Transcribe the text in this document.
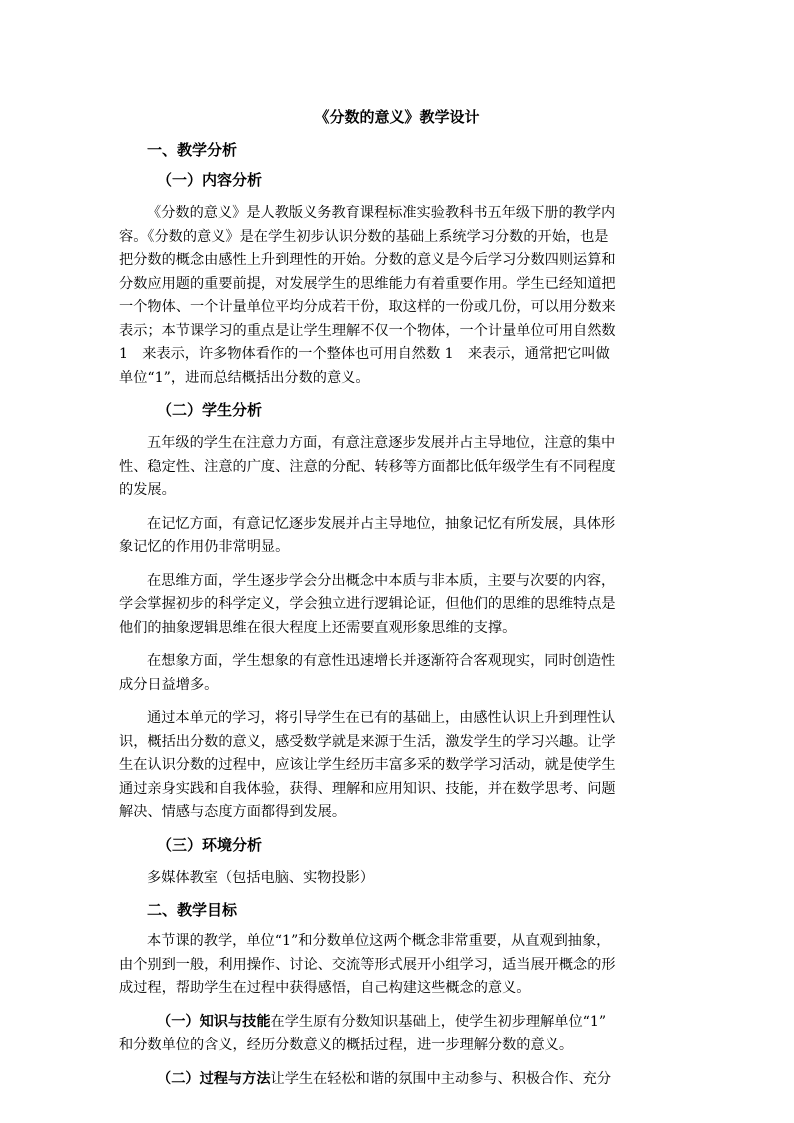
《分数的意义》教学设计
一、教学分析
（一）内容分析
《分数的意义》是人教版义务教育课程标准实验教科书五年级下册的教学内
容。《分数的意义》是在学生初步认识分数的基础上系统学习分数的开始，也是
把分数的概念由感性上升到理性的开始。分数的意义是今后学习分数四则运算和
分数应用题的重要前提，对发展学生的思维能力有着重要作用。学生已经知道把
一个物体、一个计量单位平均分成若干份，取这样的一份或几份，可以用分数来
表示；本节课学习的重点是让学生理解不仅一个物体，一个计量单位可用自然数
1　来表示，许多物体看作的一个整体也可用自然数 1　来表示，通常把它叫做
单位“1”，进而总结概括出分数的意义。
（二）学生分析
五年级的学生在注意力方面，有意注意逐步发展并占主导地位，注意的集中
性、稳定性、注意的广度、注意的分配、转移等方面都比低年级学生有不同程度
的发展。
在记忆方面，有意记忆逐步发展并占主导地位，抽象记忆有所发展，具体形
象记忆的作用仍非常明显。
在思维方面，学生逐步学会分出概念中本质与非本质，主要与次要的内容，
学会掌握初步的科学定义，学会独立进行逻辑论证，但他们的思维的思维特点是
他们的抽象逻辑思维在很大程度上还需要直观形象思维的支撑。
在想象方面，学生想象的有意性迅速增长并逐渐符合客观现实，同时创造性
成分日益增多。
通过本单元的学习，将引导学生在已有的基础上，由感性认识上升到理性认
识，概括出分数的意义，感受数学就是来源于生活，激发学生的学习兴趣。让学
生在认识分数的过程中，应该让学生经历丰富多采的数学学习活动，就是使学生
通过亲身实践和自我体验，获得、理解和应用知识、技能，并在数学思考、问题
解决、情感与态度方面都得到发展。
（三）环境分析
多媒体教室（包括电脑、实物投影）
二、教学目标
本节课的教学，单位“1”和分数单位这两个概念非常重要，从直观到抽象，
由个别到一般，利用操作、讨论、交流等形式展开小组学习，适当展开概念的形
成过程，帮助学生在过程中获得感悟，自己构建这些概念的意义。
（一）知识与技能在学生原有分数知识基础上，使学生初步理解单位“1”
和分数单位的含义，经历分数意义的概括过程，进一步理解分数的意义。
（二）过程与方法让学生在轻松和谐的氛围中主动参与、积极合作、充分
